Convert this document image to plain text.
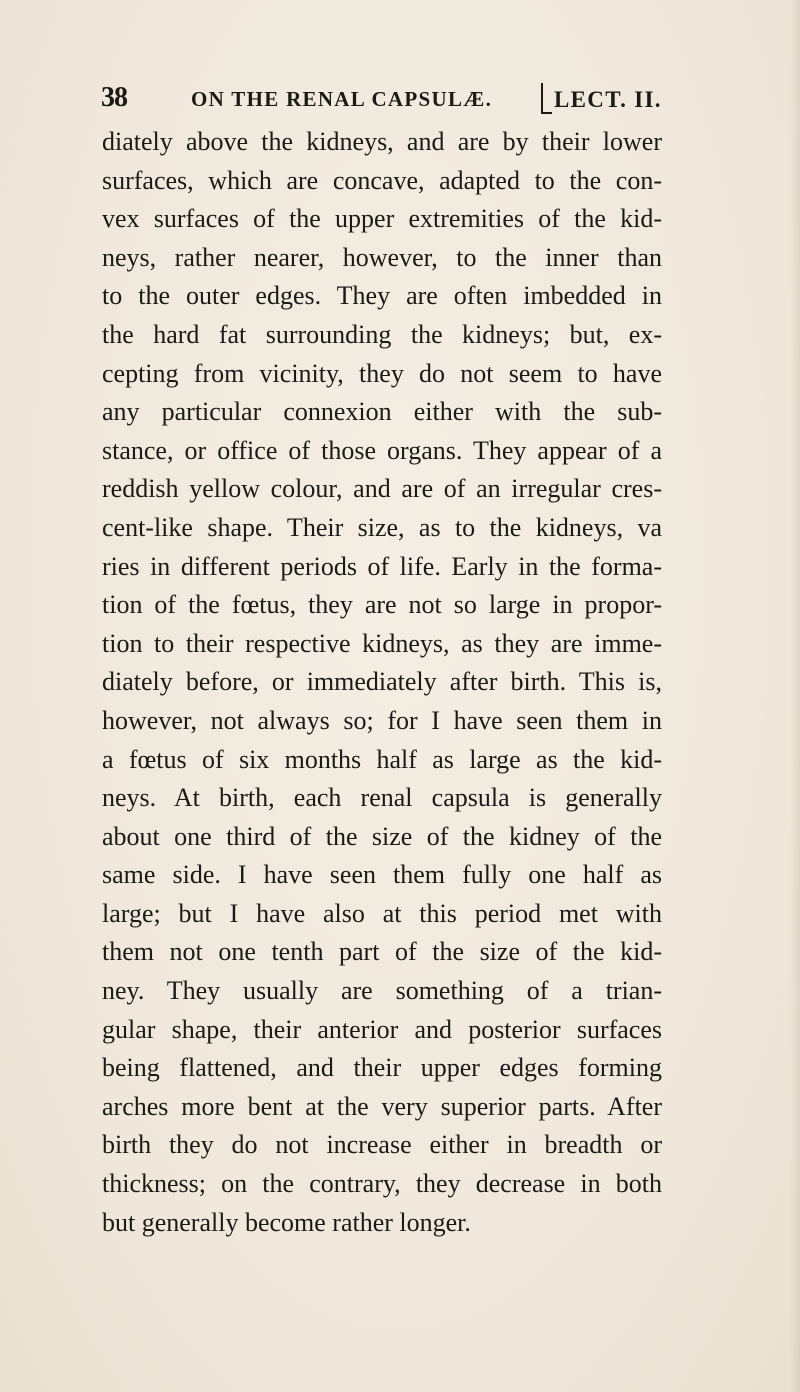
38	ON THE RENAL CAPSULÆ.	LECT. II.
diately above the kidneys, and are by their lower
surfaces, which are concave, adapted to the con-
vex surfaces of the upper extremities of the kid-
neys, rather nearer, however, to the inner than
to the outer edges. They are often imbedded in
the hard fat surrounding the kidneys; but, ex-
cepting from vicinity, they do not seem to have
any particular connexion either with the sub-
stance, or office of those organs. They appear of a
reddish yellow colour, and are of an irregular cres-
cent-like shape. Their size, as to the kidneys, va
ries in different periods of life. Early in the forma-
tion of the fœtus, they are not so large in propor-
tion to their respective kidneys, as they are imme-
diately before, or immediately after birth. This is,
however, not always so; for I have seen them in
a fœtus of six months half as large as the kid-
neys. At birth, each renal capsula is generally
about one third of the size of the kidney of the
same side. I have seen them fully one half as
large; but I have also at this period met with
them not one tenth part of the size of the kid-
ney. They usually are something of a trian-
gular shape, their anterior and posterior surfaces
being flattened, and their upper edges forming
arches more bent at the very superior parts. After
birth they do not increase either in breadth or
thickness; on the contrary, they decrease in both
but generally become rather longer.
